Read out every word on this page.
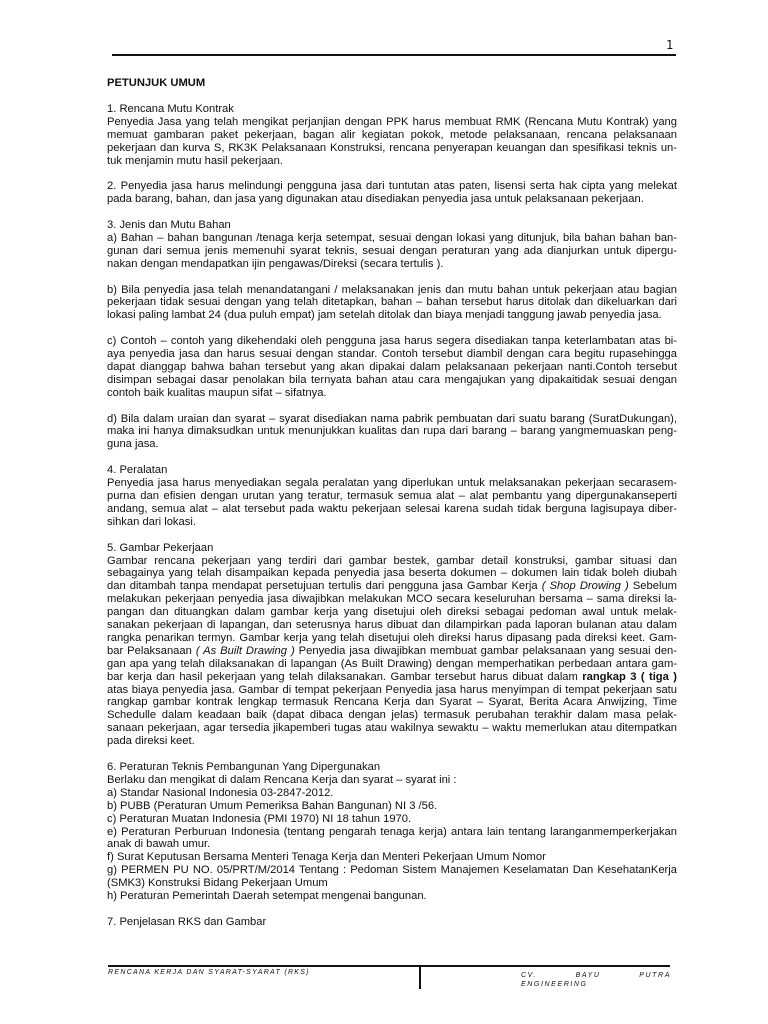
1

PETUNJUK UMUM

1. Rencana Mutu Kontrak
Penyedia Jasa yang telah mengikat perjanjian dengan PPK harus membuat RMK (Rencana Mutu Kontrak) yang memuat gambaran paket pekerjaan, bagan alir kegiatan pokok, metode pelaksanaan, rencana pelaksanaan pekerjaan dan kurva S, RK3K Pelaksanaan Konstruksi, rencana penyerapan keuangan dan spesifikasi teknis un-tuk menjamin mutu hasil pekerjaan.

2. Penyedia jasa harus melindungi pengguna jasa dari tuntutan atas paten, lisensi serta hak cipta yang melekat pada barang, bahan, dan jasa yang digunakan atau disediakan penyedia jasa untuk pelaksanaan pekerjaan.

3. Jenis dan Mutu Bahan
a) Bahan – bahan bangunan /tenaga kerja setempat, sesuai dengan lokasi yang ditunjuk, bila bahan bahan ban-gunan dari semua jenis memenuhi syarat teknis, sesuai dengan peraturan yang ada dianjurkan untuk dipergu-nakan dengan mendapatkan ijin pengawas/Direksi (secara tertulis ).

b) Bila penyedia jasa telah menandatangani / melaksanakan jenis dan mutu bahan untuk pekerjaan atau bagian pekerjaan tidak sesuai dengan yang telah ditetapkan, bahan – bahan tersebut harus ditolak dan dikeluarkan dari lokasi paling lambat 24 (dua puluh empat) jam setelah ditolak dan biaya menjadi tanggung jawab penyedia jasa.

c) Contoh – contoh yang dikehendaki oleh pengguna jasa harus segera disediakan tanpa keterlambatan atas bi-aya penyedia jasa dan harus sesuai dengan standar. Contoh tersebut diambil dengan cara begitu rupasehingga dapat dianggap bahwa bahan tersebut yang akan dipakai dalam pelaksanaan pekerjaan nanti.Contoh tersebut disimpan sebagai dasar penolakan bila ternyata bahan atau cara mengajukan yang dipakaitidak sesuai dengan contoh baik kualitas maupun sifat – sifatnya.

d) Bila dalam uraian dan syarat – syarat disediakan nama pabrik pembuatan dari suatu barang (SuratDukungan), maka ini hanya dimaksudkan untuk menunjukkan kualitas dan rupa dari barang – barang yangmemuaskan peng-guna jasa.

4. Peralatan
Penyedia jasa harus menyediakan segala peralatan yang diperlukan untuk melaksanakan pekerjaan secarasem-purna dan efisien dengan urutan yang teratur, termasuk semua alat – alat pembantu yang dipergunakanseperti andang, semua alat – alat tersebut pada waktu pekerjaan selesai karena sudah tidak berguna lagisupaya diber-sihkan dari lokasi.

5. Gambar Pekerjaan
Gambar rencana pekerjaan yang terdiri dari gambar bestek, gambar detail konstruksi, gambar situasi dan sebagainya yang telah disampaikan kepada penyedia jasa beserta dokumen – dokumen lain tidak boleh diubah dan ditambah tanpa mendapat persetujuan tertulis dari pengguna jasa Gambar Kerja ( Shop Drowing ) Sebelum melakukan pekerjaan penyedia jasa diwajibkan melakukan MCO secara keseluruhan bersama – sama direksi la-pangan dan dituangkan dalam gambar kerja yang disetujui oleh direksi sebagai pedoman awal untuk melak-sanakan pekerjaan di lapangan, dan seterusnya harus dibuat dan dilampirkan pada laporan bulanan atau dalam rangka penarikan termyn. Gambar kerja yang telah disetujui oleh direksi harus dipasang pada direksi keet. Gam-bar Pelaksanaan ( As Built Drawing ) Penyedia jasa diwajibkan membuat gambar pelaksanaan yang sesuai den-gan apa yang telah dilaksanakan di lapangan (As Built Drawing) dengan memperhatikan perbedaan antara gam-bar kerja dan hasil pekerjaan yang telah dilaksanakan. Gambar tersebut harus dibuat dalam rangkap 3 ( tiga ) atas biaya penyedia jasa. Gambar di tempat pekerjaan Penyedia jasa harus menyimpan di tempat pekerjaan satu rangkap gambar kontrak lengkap termasuk Rencana Kerja dan Syarat – Syarat, Berita Acara Anwijzing, Time Schedulle dalam keadaan baik (dapat dibaca dengan jelas) termasuk perubahan terakhir dalam masa pelak-sanaan pekerjaan, agar tersedia jikapemberi tugas atau wakilnya sewaktu – waktu memerlukan atau ditempatkan pada direksi keet.

6. Peraturan Teknis Pembangunan Yang Dipergunakan
Berlaku dan mengikat di dalam Rencana Kerja dan syarat – syarat ini :
a) Standar Nasional Indonesia 03-2847-2012.
b) PUBB (Peraturan Umum Pemeriksa Bahan Bangunan) NI 3 /56.
c) Peraturan Muatan Indonesia (PMI 1970) NI 18 tahun 1970.
e) Peraturan Perburuan Indonesia (tentang pengarah tenaga kerja) antara lain tentang laranganmemperkerjakan anak di bawah umur.
f) Surat Keputusan Bersama Menteri Tenaga Kerja dan Menteri Pekerjaan Umum Nomor
g) PERMEN PU NO. 05/PRT/M/2014 Tentang : Pedoman Sistem Manajemen Keselamatan Dan KesehatanKerja (SMK3) Konstruksi Bidang Pekerjaan Umum
h) Peraturan Pemerintah Daerah setempat mengenai bangunan.

7. Penjelasan RKS dan Gambar

RENCANA KERJA DAN SYARAT-SYARAT (RKS)	CV.	BAYU	PUTRA
ENGINEERING
